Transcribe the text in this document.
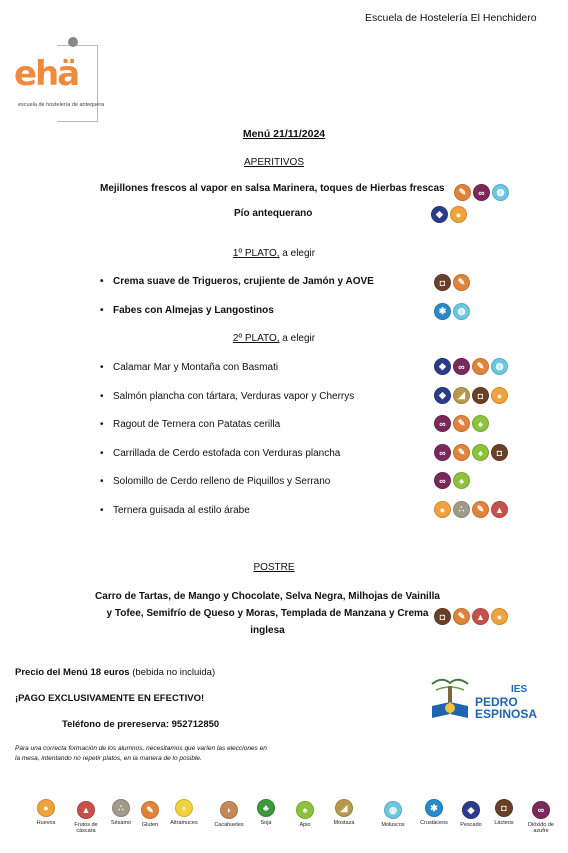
Escuela de Hostelería El Henchidero
ehä
escuela de hostelería de antequera
Menú 21/11/2024
APERITIVOS
Mejillones frescos al vapor en salsa Marinera, toques de Hierbas frescas	✎	∞	◍
Pío antequerano	◆	●
1º PLATO, a elegir
• Crema suave de Trigueros, crujiente de Jamón y AOVE	◘	✎
• Fabes con Almejas y Langostinos	✱	◍
2º PLATO, a elegir
• Calamar Mar y Montaña con Basmati	◆	∞	✎	◍
• Salmón plancha con tártara, Verduras vapor y Cherrys	◆	◢	◘	●
• Ragout de Ternera con Patatas cerilla	∞	✎	♠
• Carrillada de Cerdo estofada con Verduras plancha	∞	✎	♠	◘
• Solomillo de Cerdo relleno de Piquillos y Serrano	∞	♠
• Ternera guisada al estilo árabe	●	∴	✎	▲
POSTRE
Carro de Tartas, de Mango y Chocolate, Selva Negra, Milhojas de Vainilla y Tofee, Semifrío de Queso y Moras, Templada de Manzana y Crema inglesa
◘	✎	▲	●
Precio del Menú 18 euros (bebida no incluida)
¡PAGO EXCLUSIVAMENTE EN EFECTIVO!
Teléfono de prereserva: 952712850
Para una correcta formación de los alumnos, necesitamos que varíen las elecciones en la mesa, intentando no repetir platos, en la manera de lo posible.
IES
PEDRO
ESPINOSA
●
Huevos
▲
Frutos de cáscara
∴
Sésamo
✎
Gluten
∘
Altramuces
◗
Cacahuetes
♣
Soja
♠
Apio
◢
Mostaza
◍
Moluscos
✱
Crustáceos
◆
Pescado
◘
Lácteos
∞
Dióxido de azufre
